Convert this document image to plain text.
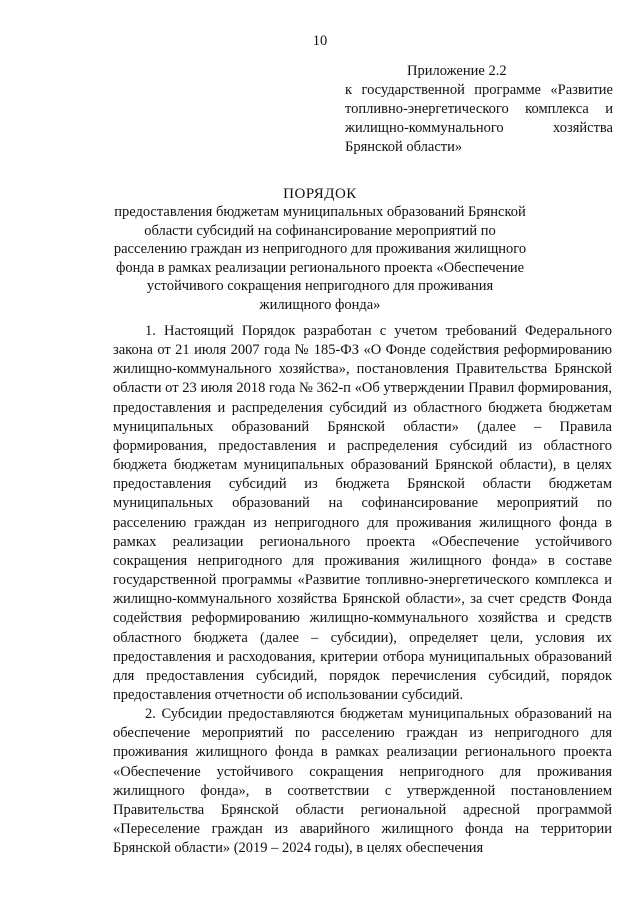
10
Приложение 2.2
к государственной программе «Развитие топливно-энергетического комплекса и жилищно-коммунального хозяйства Брянской области»
ПОРЯДОК
предоставления бюджетам муниципальных образований Брянской области субсидий на софинансирование мероприятий по расселению граждан из непригодного для проживания жилищного фонда в рамках реализации регионального проекта «Обеспечение устойчивого сокращения непригодного для проживания жилищного фонда»

1. Настоящий Порядок разработан с учетом требований Федерального закона от 21 июля 2007 года № 185-ФЗ «О Фонде содействия реформированию жилищно-коммунального хозяйства», постановления Правительства Брянской области от 23 июля 2018 года № 362-п «Об утверждении Правил формирования, предоставления и распределения субсидий из областного бюджета бюджетам муниципальных образований Брянской области» (далее – Правила формирования, предоставления и распределения субсидий из областного бюджета бюджетам муниципальных образований Брянской области), в целях предоставления субсидий из бюджета Брянской области бюджетам муниципальных образований на софинансирование мероприятий по расселению граждан из непригодного для проживания жилищного фонда в рамках реализации регионального проекта «Обеспечение устойчивого сокращения непригодного для проживания жилищного фонда» в составе государственной программы «Развитие топливно-энергетического комплекса и жилищно-коммунального хозяйства Брянской области», за счет средств Фонда содействия реформированию жилищно-коммунального хозяйства и средств областного бюджета (далее – субсидии), определяет цели, условия их предоставления и расходования, критерии отбора муниципальных образований для предоставления субсидий, порядок перечисления субсидий, порядок предоставления отчетности об использовании субсидий.

2. Субсидии предоставляются бюджетам муниципальных образований на обеспечение мероприятий по расселению граждан из непригодного для проживания жилищного фонда в рамках реализации регионального проекта «Обеспечение устойчивого сокращения непригодного для проживания жилищного фонда», в соответствии с утвержденной постановлением Правительства Брянской области региональной адресной программой «Переселение граждан из аварийного жилищного фонда на территории Брянской области» (2019 – 2024 годы), в целях обеспечения
